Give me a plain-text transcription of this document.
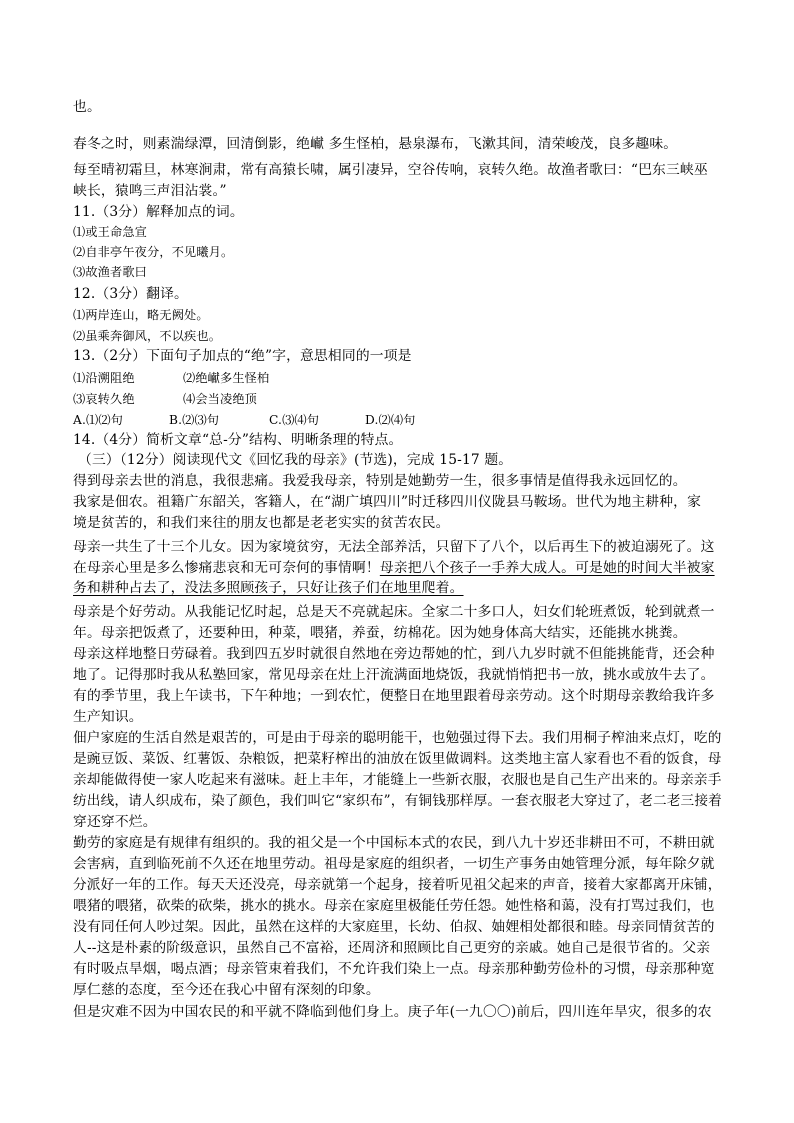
也。
春冬之时，则素湍绿潭，回清倒影，绝𪩘 多生怪柏，悬泉瀑布，飞漱其间，清荣峻茂，良多趣味。
每至晴初霜旦，林寒涧肃，常有高猿长啸，属引凄异，空谷传响，哀转久绝。故渔者歌曰：“巴东三峡巫
峡长，猿鸣三声泪沾裳。”
11.（3分）解释加点的词。
⑴或王命急宣
⑵自非亭午夜分，不见曦月。
⑶故渔者歌曰
12.（3分）翻译。
⑴两岸连山，略无阙处。
⑵虽乘奔御风，不以疾也。
13.（2分）下面句子加点的“绝”字，意思相同的一项是
⑴沿溯阻绝	⑵绝𪩘多生怪柏
⑶哀转久绝	⑷会当凌绝顶
A.⑴⑵句	B.⑵⑶句	C.⑶⑷句	D.⑵⑷句
14.（4分）简析文章“总-分”结构、明晰条理的特点。
（三）（12分）阅读现代文《回忆我的母亲》(节选)，完成 15-17 题。
得到母亲去世的消息，我很悲痛。我爱我母亲，特别是她勤劳一生，很多事情是值得我永远回忆的。
我家是佃农。祖籍广东韶关，客籍人，在“湖广填四川”时迁移四川仪陇县马鞍场。世代为地主耕种，家
境是贫苦的，和我们来往的朋友也都是老老实实的贫苦农民。
母亲一共生了十三个儿女。因为家境贫穷，无法全部养活，只留下了八个，以后再生下的被迫溺死了。这
在母亲心里是多么惨痛悲哀和无可奈何的事情啊！母亲把八个孩子一手养大成人。可是她的时间大半被家
务和耕种占去了，没法多照顾孩子，只好让孩子们在地里爬着。
母亲是个好劳动。从我能记忆时起，总是天不亮就起床。全家二十多口人，妇女们轮班煮饭，轮到就煮一
年。母亲把饭煮了，还要种田，种菜，喂猪，养蚕，纺棉花。因为她身体高大结实，还能挑水挑粪。
母亲这样地整日劳碌着。我到四五岁时就很自然地在旁边帮她的忙，到八九岁时就不但能挑能背，还会种
地了。记得那时我从私塾回家，常见母亲在灶上汗流满面地烧饭，我就悄悄把书一放，挑水或放牛去了。
有的季节里，我上午读书，下午种地；一到农忙，便整日在地里跟着母亲劳动。这个时期母亲教给我许多
生产知识。
佃户家庭的生活自然是艰苦的，可是由于母亲的聪明能干，也勉强过得下去。我们用桐子榨油来点灯，吃的
是豌豆饭、菜饭、红薯饭、杂粮饭，把菜籽榨出的油放在饭里做调料。这类地主富人家看也不看的饭食，母
亲却能做得使一家人吃起来有滋味。赶上丰年，才能缝上一些新衣服，衣服也是自己生产出来的。母亲亲手
纺出线，请人织成布，染了颜色，我们叫它“家织布”，有铜钱那样厚。一套衣服老大穿过了，老二老三接着
穿还穿不烂。
勤劳的家庭是有规律有组织的。我的祖父是一个中国标本式的农民，到八九十岁还非耕田不可，不耕田就
会害病，直到临死前不久还在地里劳动。祖母是家庭的组织者，一切生产事务由她管理分派，每年除夕就
分派好一年的工作。每天天还没亮，母亲就第一个起身，接着听见祖父起来的声音，接着大家都离开床铺，
喂猪的喂猪，砍柴的砍柴，挑水的挑水。母亲在家庭里极能任劳任怨。她性格和蔼，没有打骂过我们，也
没有同任何人吵过架。因此，虽然在这样的大家庭里，长幼、伯叔、妯娌相处都很和睦。母亲同情贫苦的
人--这是朴素的阶级意识，虽然自己不富裕，还周济和照顾比自己更穷的亲戚。她自己是很节省的。父亲
有时吸点旱烟，喝点酒；母亲管束着我们，不允许我们染上一点。母亲那种勤劳俭朴的习惯，母亲那种宽
厚仁慈的态度，至今还在我心中留有深刻的印象。
但是灾难不因为中国农民的和平就不降临到他们身上。庚子年(一九〇〇)前后，四川连年旱灾，很多的农
